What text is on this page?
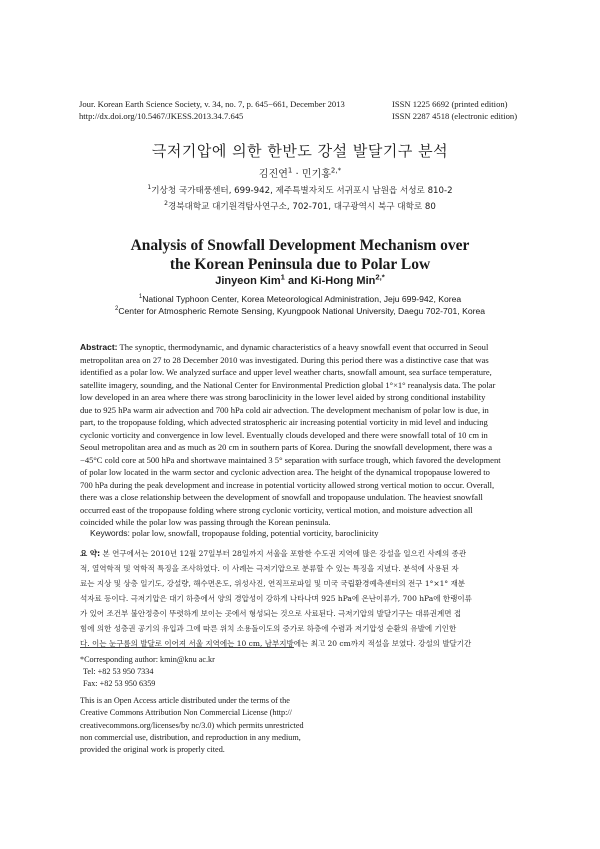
Jour. Korean Earth Science Society, v. 34, no. 7, p. 645−661, December 2013
http://dx.doi.org/10.5467/JKESS.2013.34.7.645
ISSN 1225 6692 (printed edition)
ISSN 2287 4518 (electronic edition)
극저기압에 의한 한반도 강설 발달기구 분석
김진연$^1$ · 민기홍$^{2,*}$
$^1$기상청 국가태풍센터, 699-942, 제주특별자치도 서귀포시 남원읍 서성로 810-2
$^2$경북대학교 대기원격탐사연구소, 702-701, 대구광역시 북구 대학로 80
Analysis of Snowfall Development Mechanism over
the Korean Peninsula due to Polar Low
Jinyeon Kim$^1$ and Ki-Hong Min$^{2,*}$
$^1$National Typhoon Center, Korea Meteorological Administration, Jeju 699-942, Korea
$^2$Center for Atmospheric Remote Sensing, Kyungpook National University, Daegu 702-701, Korea
Abstract: The synoptic, thermodynamic, and dynamic characteristics of a heavy snowfall event that occurred in Seoul
metropolitan area on 27 to 28 December 2010 was investigated. During this period there was a distinctive case that was
identified as a polar low. We analyzed surface and upper level weather charts, snowfall amount, sea surface temperature,
satellite imagery, sounding, and the National Center for Environmental Prediction global 1°×1° reanalysis data. The polar
low developed in an area where there was strong baroclinicity in the lower level aided by strong conditional instability
due to 925 hPa warm air advection and 700 hPa cold air advection. The development mechanism of polar low is due, in
part, to the tropopause folding, which advected stratospheric air increasing potential vorticity in mid level and inducing
cyclonic vorticity and convergence in low level. Eventually clouds developed and there were snowfall total of 10 cm in
Seoul metropolitan area and as much as 20 cm in southern parts of Korea. During the snowfall development, there was a
−45°C cold core at 500 hPa and shortwave maintained 3 5° separation with surface trough, which favored the development
of polar low located in the warm sector and cyclonic advection area. The height of the dynamical tropopause lowered to
700 hPa during the peak development and increase in potential vorticity allowed strong vertical motion to occur. Overall,
there was a close relationship between the development of snowfall and tropopause undulation. The heaviest snowfall
occurred east of the tropopause folding where strong cyclonic vorticity, vertical motion, and moisture advection all
coincided while the polar low was passing through the Korean peninsula.
Keywords: polar low, snowfall, tropopause folding, potential vorticity, baroclinicity
요 약: 본 연구에서는 2010년 12월 27일부터 28일까지 서울을 포함한 수도권 지역에 많은 강설을 일으킨 사례의 종관
적, 열역학적 및 역학적 특징을 조사하였다. 이 사례는 극저기압으로 분류할 수 있는 특징을 지녔다. 분석에 사용된 자
료는 지상 및 상층 일기도, 강설량, 해수면온도, 위성사진, 연직프로파일 및 미국 국립환경예측센터의 전구 1°×1° 재분
석자료 등이다. 극저기압은 대기 하층에서 양의 경압성이 강하게 나타나며 925 hPa에 온난이류가, 700 hPa에 한랭이류
가 있어 조건부 불안정층이 뚜렷하게 보이는 곳에서 형성되는 것으로 사료된다. 극저기압의 발달기구는 대류권계면 접
힘에 의한 성층권 공기의 유입과 그에 따른 위치 소용돌이도의 증가로 하층에 수렴과 저기압성 순환의 유발에 기인한
다. 이는 눈구름의 발달로 이어져 서울 지역에는 10 cm, 남부지방에는 최고 20 cm까지 적설을 보였다. 강설의 발달기간
*Corresponding author: kmin@knu ac.kr
Tel: +82 53 950 7334
Fax: +82 53 950 6359
This is an Open Access article distributed under the terms of the
Creative Commons Attribution Non Commercial License (http://
creativecommons.org/licenses/by nc/3.0) which permits unrestricted
non commercial use, distribution, and reproduction in any medium,
provided the original work is properly cited.
